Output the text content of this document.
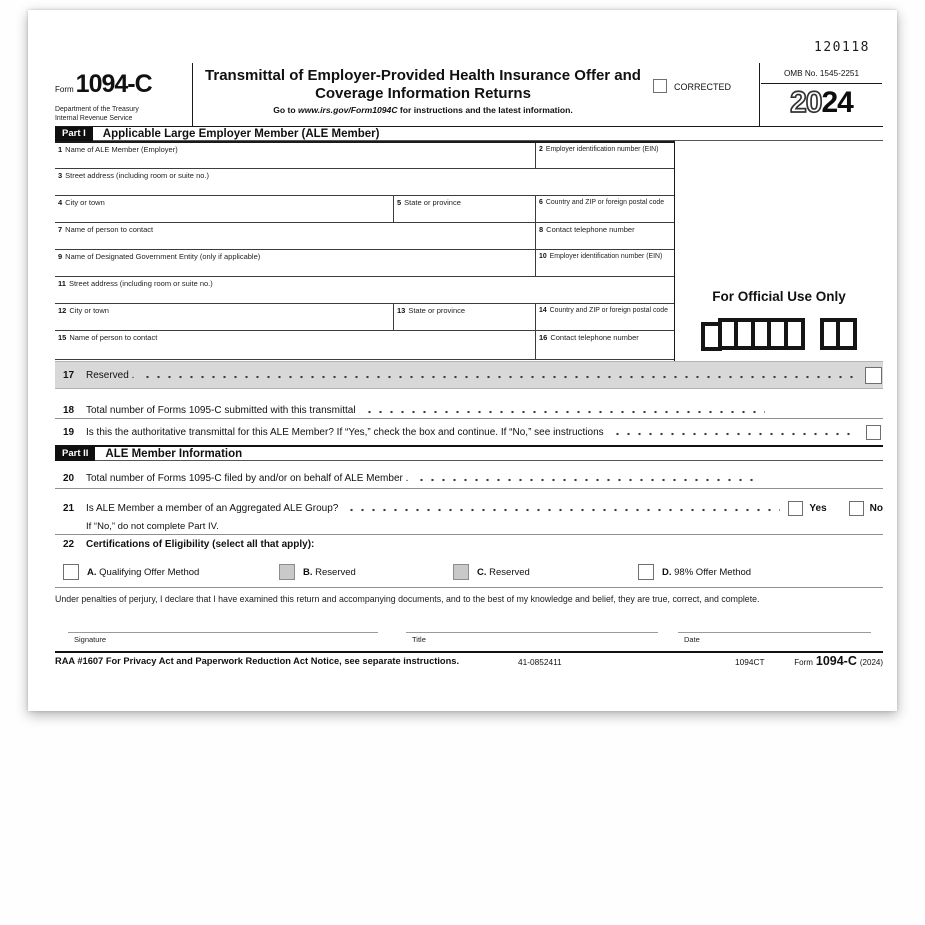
120118
Form1094-C
Department of the Treasury
Internal Revenue Service
Transmittal of Employer-Provided Health Insurance Offer and
Coverage Information Returns
Go to www.irs.gov/Form1094C for instructions and the latest information.
CORRECTED
OMB No. 1545-2251
2024
Part I	Applicable Large Employer Member (ALE Member)
1 Name of ALE Member (Employer)	2 Employer identification number (EIN)
3 Street address (including room or suite no.)
4 City or town	5 State or province	6 Country and ZIP or foreign postal code
7 Name of person to contact	8 Contact telephone number
9 Name of Designated Government Entity (only if applicable)	10 Employer identification number (EIN)
11 Street address (including room or suite no.)
12 City or town	13 State or province	14 Country and ZIP or foreign postal code
15 Name of person to contact	16 Contact telephone number
For Official Use Only
17	Reserved .
18	Total number of Forms 1095-C submitted with this transmittal
19	Is this the authoritative transmittal for this ALE Member? If “Yes,” check the box and continue. If “No,” see instructions
Part II	ALE Member Information
20	Total number of Forms 1095-C filed by and/or on behalf of ALE Member .
21	Is ALE Member a member of an Aggregated ALE Group?	Yes	No
If “No,” do not complete Part IV.
22	Certifications of Eligibility (select all that apply):
A. Qualifying Offer Method	B. Reserved	C. Reserved	D. 98% Offer Method
Under penalties of perjury, I declare that I have examined this return and accompanying documents, and to the best of my knowledge and belief, they are true, correct, and complete.
Signature	Title	Date
RAA #1607 For Privacy Act and Paperwork Reduction Act Notice, see separate instructions.	41-0852411	1094CT	Form 1094-C (2024)
